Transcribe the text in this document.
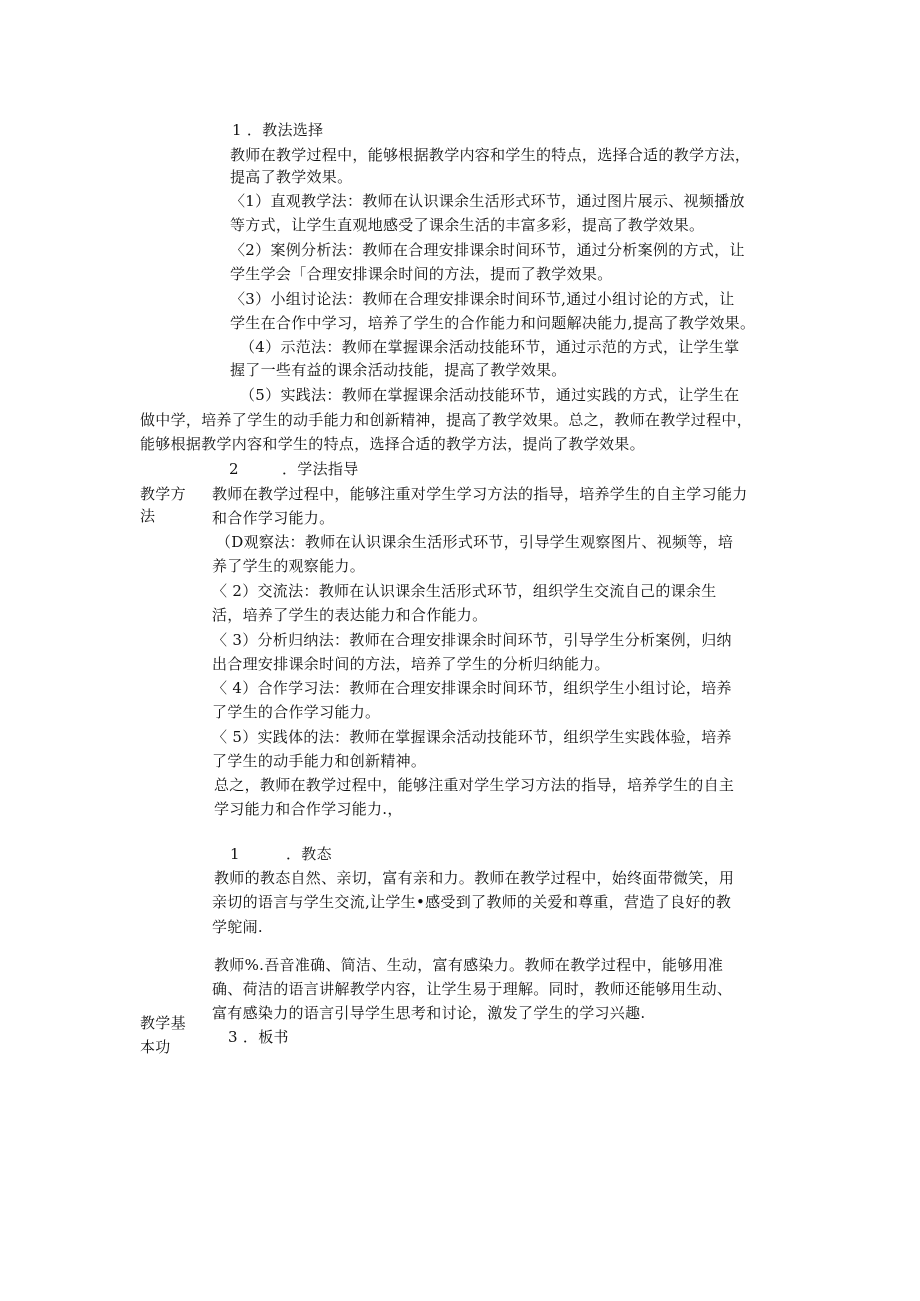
1 ．教法选择
教师在教学过程中，能够根据教学内容和学生的特点，选择合适的教学方法，
提高了教学效果。
〈1）直观教学法：教师在认识课余生活形式环节，通过图片展示、视频播放
等方式，让学生直观地感受了课余生活的丰富多彩，提高了教学效果。
〈2）案例分析法：教师在合理安排课余时间环节，通过分析案例的方式，让
学生学会「合理安排课余时间的方法，提而了教学效果。
〈3）小组讨论法：教师在合理安排课余时间环节,通过小组讨论的方式，让
学生在合作中学习，培养了学生的合作能力和问题解决能力,提高了教学效果。
（4）示范法：教师在掌握课余活动技能环节，通过示范的方式，让学生掌
握了一些有益的课余活动技能，提高了教学效果。
（5）实践法：教师在掌握课余活动技能环节，通过实践的方式，让学生在
做中学，培养了学生的动手能力和创新精神，提高了教学效果。总之，教师在教学过程中，
能够根据教学内容和学生的特点，选择合适的教学方法，提尚了教学效果。
2	．学法指导
教学方
法
教师在教学过程中，能够注重对学生学习方法的指导，培养学生的自主学习能力
和合作学习能力。
（D观察法：教师在认识课余生活形式环节，引导学生观察图片、视频等，培
养了学生的观察能力。
〈 2）交流法：教师在认识课余生活形式环节，组织学生交流自己的课余生
活，培养了学生的表达能力和合作能力。
〈 3）分析归纳法：教师在合理安排课余时间环节，引导学生分析案例，归纳
出合理安排课余时间的方法，培养了学生的分析归纳能力。
〈 4）合作学习法：教师在合理安排课余时间环节，组织学生小组讨论，培养
了学生的合作学习能力。
〈 5）实践体的法：教师在掌握课余活动技能环节，组织学生实践体验，培养
了学生的动手能力和创新精神。
总之，教师在教学过程中，能够注重对学生学习方法的指导，培养学生的自主
学习能力和合作学习能力.，
1	．教态
教师的教态自然、亲切，富有亲和力。教师在教学过程中，始终面带微笑，用
亲切的语言与学生交流,让学生•感受到了教师的关爱和尊重，营造了良好的教
学鸵闹.
教师%.吾音准确、简洁、生动，富有感染力。教师在教学过程中，能够用准
确、荷洁的语言讲解教学内容，让学生易于理解。同时，教师还能够用生动、
富有感染力的语言引导学生思考和讨论，激发了学生的学习兴趣.
教学基
本功
3 ．板书
